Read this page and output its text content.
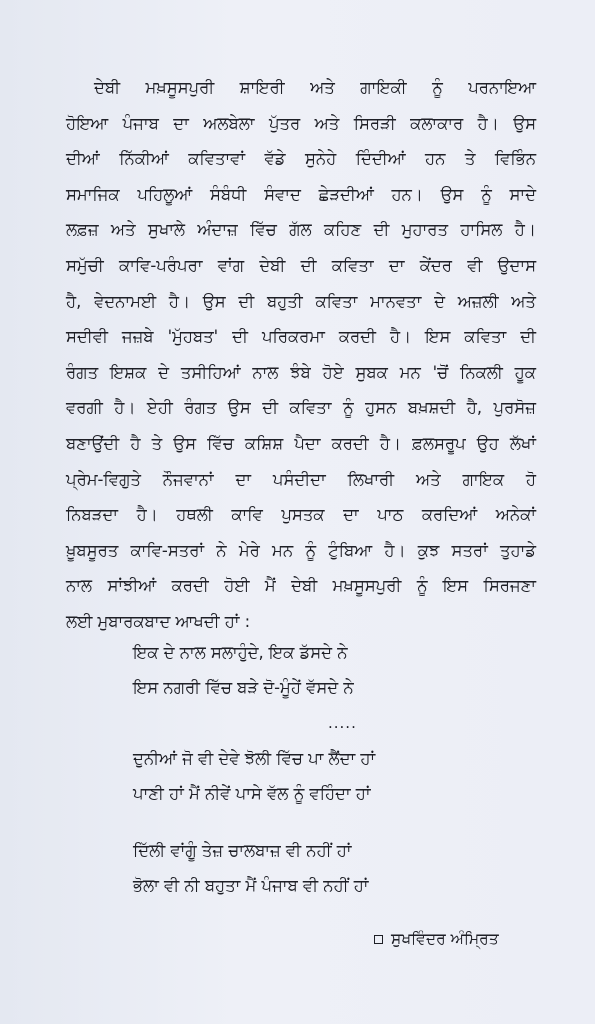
ਦੇਬੀ ਮਖ਼ਸੂਸਪੁਰੀ ਸ਼ਾਇਰੀ ਅਤੇ ਗਾਇਕੀ ਨੂੰ ਪਰਨਾਇਆ
ਹੋਇਆ ਪੰਜਾਬ ਦਾ ਅਲਬੇਲਾ ਪੁੱਤਰ ਅਤੇ ਸਿਰੜੀ ਕਲਾਕਾਰ ਹੈ। ਉਸ
ਦੀਆਂ ਨਿੱਕੀਆਂ ਕਵਿਤਾਵਾਂ ਵੱਡੇ ਸੁਨੇਹੇ ਦਿੰਦੀਆਂ ਹਨ ਤੇ ਵਿਭਿੰਨ
ਸਮਾਜਿਕ ਪਹਿਲੂਆਂ ਸੰਬੰਧੀ ਸੰਵਾਦ ਛੇੜਦੀਆਂ ਹਨ। ਉਸ ਨੂੰ ਸਾਦੇ
ਲਫ਼ਜ਼ ਅਤੇ ਸੁਖਾਲੇ ਅੰਦਾਜ਼ ਵਿੱਚ ਗੱਲ ਕਹਿਣ ਦੀ ਮੁਹਾਰਤ ਹਾਸਿਲ ਹੈ।
ਸਮੁੱਚੀ ਕਾਵਿ-ਪਰੰਪਰਾ ਵਾਂਗ ਦੇਬੀ ਦੀ ਕਵਿਤਾ ਦਾ ਕੇਂਦਰ ਵੀ ਉਦਾਸ
ਹੈ, ਵੇਦਨਾਮਈ ਹੈ। ਉਸ ਦੀ ਬਹੁਤੀ ਕਵਿਤਾ ਮਾਨਵਤਾ ਦੇ ਅਜ਼ਲੀ ਅਤੇ
ਸਦੀਵੀ ਜਜ਼ਬੇ 'ਮੁੱਹਬਤ' ਦੀ ਪਰਿਕਰਮਾ ਕਰਦੀ ਹੈ। ਇਸ ਕਵਿਤਾ ਦੀ
ਰੰਗਤ ਇਸ਼ਕ ਦੇ ਤਸੀਹਿਆਂ ਨਾਲ ਝੰਬੇ ਹੋਏ ਸੁਬਕ ਮਨ 'ਚੋਂ ਨਿਕਲੀ ਹੂਕ
ਵਰਗੀ ਹੈ। ਏਹੀ ਰੰਗਤ ਉਸ ਦੀ ਕਵਿਤਾ ਨੂੰ ਹੁਸਨ ਬਖ਼ਸ਼ਦੀ ਹੈ, ਪੁਰਸੋਜ਼
ਬਣਾਉਂਦੀ ਹੈ ਤੇ ਉਸ ਵਿੱਚ ਕਸ਼ਿਸ਼ ਪੈਦਾ ਕਰਦੀ ਹੈ। ਫ਼ਲਸਰੂਪ ਉਹ ਲੱਖਾਂ
ਪ੍ਰੇਮ-ਵਿਗੁਤੇ ਨੌਜਵਾਨਾਂ ਦਾ ਪਸੰਦੀਦਾ ਲਿਖਾਰੀ ਅਤੇ ਗਾਇਕ ਹੋ
ਨਿਬੜਦਾ ਹੈ। ਹਥਲੀ ਕਾਵਿ ਪੁਸਤਕ ਦਾ ਪਾਠ ਕਰਦਿਆਂ ਅਨੇਕਾਂ
ਖ਼ੂਬਸੂਰਤ ਕਾਵਿ-ਸਤਰਾਂ ਨੇ ਮੇਰੇ ਮਨ ਨੂੰ ਟੁੰਬਿਆ ਹੈ। ਕੁਝ ਸਤਰਾਂ ਤੁਹਾਡੇ
ਨਾਲ ਸਾਂਝੀਆਂ ਕਰਦੀ ਹੋਈ ਮੈਂ ਦੇਬੀ ਮਖ਼ਸੂਸਪੁਰੀ ਨੂੰ ਇਸ ਸਿਰਜਣਾ
ਲਈ ਮੁਬਾਰਕਬਾਦ ਆਖਦੀ ਹਾਂ :
ਇਕ ਦੇ ਨਾਲ ਸਲਾਹੁੰਦੇ, ਇਕ ਡੱਸਦੇ ਨੇ
ਇਸ ਨਗਰੀ ਵਿੱਚ ਬੜੇ ਦੋ-ਮੂੰਹੇਂ ਵੱਸਦੇ ਨੇ
.....
ਦੁਨੀਆਂ ਜੋ ਵੀ ਦੇਵੇ ਝੋਲੀ ਵਿੱਚ ਪਾ ਲੈਂਦਾ ਹਾਂ
ਪਾਣੀ ਹਾਂ ਮੈਂ ਨੀਵੇਂ ਪਾਸੇ ਵੱਲ ਨੂੰ ਵਹਿੰਦਾ ਹਾਂ
ਦਿੱਲੀ ਵਾਂਗੂੰ ਤੇਜ਼ ਚਾਲਬਾਜ਼ ਵੀ ਨਹੀਂ ਹਾਂ
ਭੋਲਾ ਵੀ ਨੀ ਬਹੁਤਾ ਮੈਂ ਪੰਜਾਬ ਵੀ ਨਹੀਂ ਹਾਂ
ਸੁਖਵਿੰਦਰ ਅੰਮ੍ਰਿਤ
